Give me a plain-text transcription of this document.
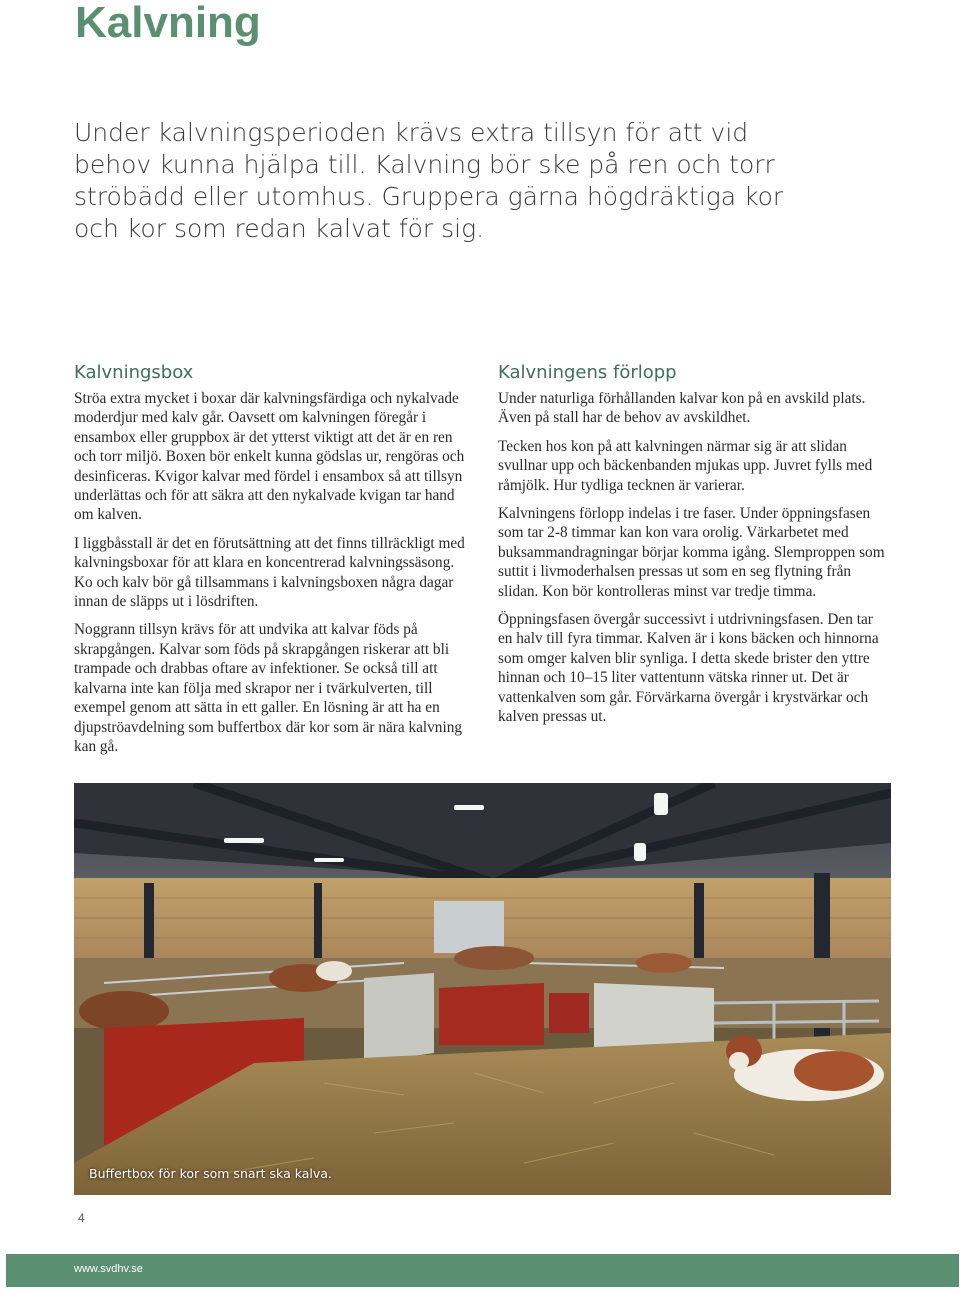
Kalvning

Under kalvningsperioden krävs extra tillsyn för att vid behov kunna hjälpa till. Kalvning bör ske på ren och torr ströbädd eller utomhus. Gruppera gärna högdräktiga kor och kor som redan kalvat för sig.

Kalvningsbox

Ströa extra mycket i boxar där kalvningsfärdiga och nykalvade moderdjur med kalv går. Oavsett om kalvningen föregår i ensambox eller gruppbox är det ytterst viktigt att det är en ren och torr miljö. Boxen bör enkelt kunna gödslas ur, rengöras och desinficeras. Kvigor kalvar med fördel i ensambox så att tillsyn underlättas och för att säkra att den nykalvade kvigan tar hand om kalven.

I liggbåsstall är det en förutsättning att det finns tillräckligt med kalvningsboxar för att klara en koncentrerad kalvningssäsong. Ko och kalv bör gå tillsammans i kalvningsboxen några dagar innan de släpps ut i lösdriften.

Noggrann tillsyn krävs för att undvika att kalvar föds på skrapgången. Kalvar som föds på skrapgången riskerar att bli trampade och drabbas oftare av infektioner. Se också till att kalvarna inte kan följa med skrapor ner i tvärkulverten, till exempel genom att sätta in ett galler. En lösning är att ha en djupströavdelning som buffertbox där kor som är nära kalvning kan gå.

Kalvningens förlopp

Under naturliga förhållanden kalvar kon på en avskild plats. Även på stall har de behov av avskildhet.

Tecken hos kon på att kalvningen närmar sig är att slidan svullnar upp och bäckenbanden mjukas upp. Juvret fylls med råmjölk. Hur tydliga tecknen är varierar.

Kalvningens förlopp indelas i tre faser. Under öppningsfasen som tar 2-8 timmar kan kon vara orolig. Värkarbetet med buksammandragningar börjar komma igång. Slemproppen som suttit i livmoderhalsen pressas ut som en seg flytning från slidan. Kon bör kontrolleras minst var tredje timma.

Öppningsfasen övergår successivt i utdrivningsfasen. Den tar en halv till fyra timmar. Kalven är i kons bäcken och hinnorna som omger kalven blir synliga. I detta skede brister den yttre hinnan och 10–15 liter vattentunn vätska rinner ut. Det är vattenkalven som går. Förvärkarna övergår i krystvärkar och kalven pressas ut.

Buffertbox för kor som snart ska kalva.
4
www.svdhv.se
